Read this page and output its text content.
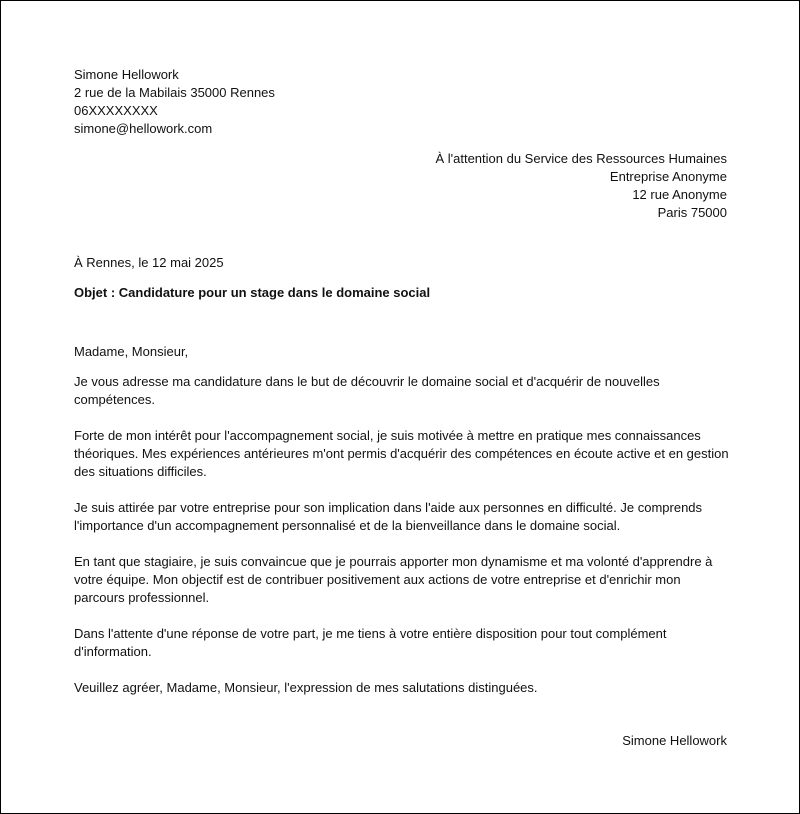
Simone Hellowork
2 rue de la Mabilais 35000 Rennes
06XXXXXXXX
simone@hellowork.com
À l'attention du Service des Ressources Humaines
Entreprise Anonyme
12 rue Anonyme
Paris 75000
À Rennes, le 12 mai 2025
Objet : Candidature pour un stage dans le domaine social

Madame, Monsieur,

Je vous adresse ma candidature dans le but de découvrir le domaine social et d'acquérir de nouvelles
compétences.

Forte de mon intérêt pour l'accompagnement social, je suis motivée à mettre en pratique mes connaissances
théoriques. Mes expériences antérieures m'ont permis d'acquérir des compétences en écoute active et en gestion
des situations difficiles.

Je suis attirée par votre entreprise pour son implication dans l'aide aux personnes en difficulté. Je comprends
l'importance d'un accompagnement personnalisé et de la bienveillance dans le domaine social.

En tant que stagiaire, je suis convaincue que je pourrais apporter mon dynamisme et ma volonté d'apprendre à
votre équipe. Mon objectif est de contribuer positivement aux actions de votre entreprise et d'enrichir mon
parcours professionnel.

Dans l'attente d'une réponse de votre part, je me tiens à votre entière disposition pour tout complément
d'information.

Veuillez agréer, Madame, Monsieur, l'expression de mes salutations distinguées.

Simone Hellowork
